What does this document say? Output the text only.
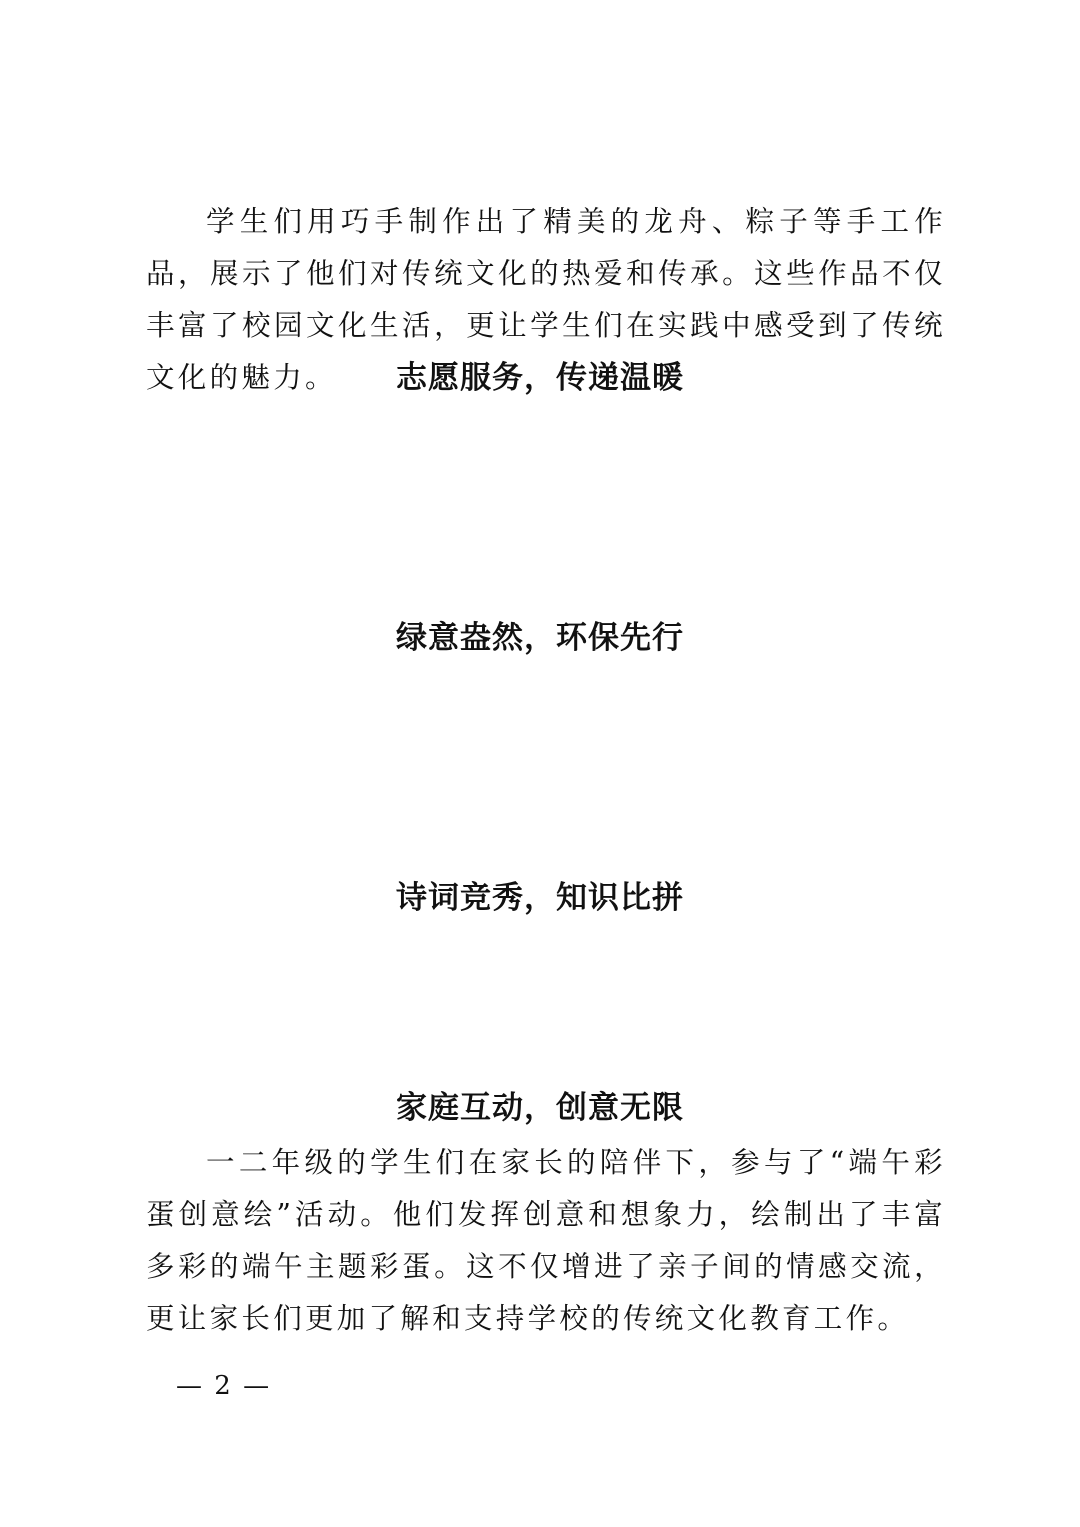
学生们用巧手制作出了精美的龙舟、粽子等手工作品，展示了他们对传统文化的热爱和传承。这些作品不仅丰富了校园文化生活，更让学生们在实践中感受到了传统文化的魅力。	志愿服务，传递温暖
绿意盎然，环保先行
诗词竞秀，知识比拼
家庭互动，创意无限

一二年级的学生们在家长的陪伴下，参与了“端午彩蛋创意绘”活动。他们发挥创意和想象力，绘制出了丰富多彩的端午主题彩蛋。这不仅增进了亲子间的情感交流，更让家长们更加了解和支持学校的传统文化教育工作。

— 2 —
